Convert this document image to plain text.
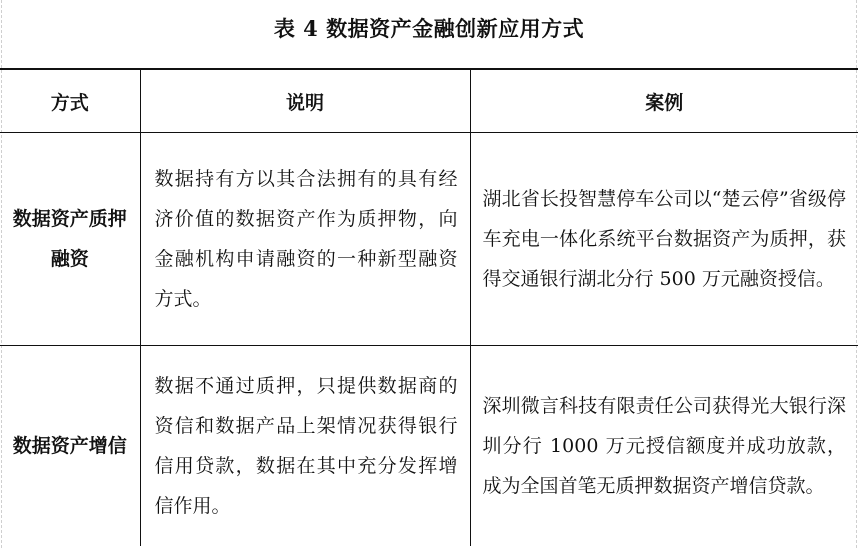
表 4 数据资产金融创新应用方式
方式	说明	案例
数据资产质押融资	数据持有方以其合法拥有的具有经济价值的数据资产作为质押物，向金融机构申请融资的一种新型融资方式。	湖北省长投智慧停车公司以“楚云停”省级停车充电一体化系统平台数据资产为质押，获得交通银行湖北分行 500 万元融资授信。
数据资产增信	数据不通过质押，只提供数据商的资信和数据产品上架情况获得银行信用贷款，数据在其中充分发挥增信作用。	深圳微言科技有限责任公司获得光大银行深圳分行 1000 万元授信额度并成功放款，成为全国首笔无质押数据资产增信贷款。
